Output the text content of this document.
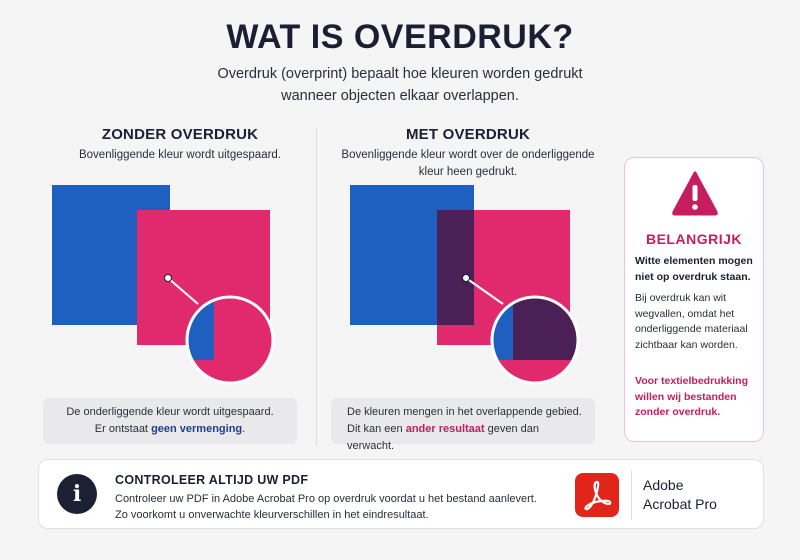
WAT IS OVERDRUK?
Overdruk (overprint) bepaalt hoe kleuren worden gedrukt
wanneer objecten elkaar overlappen.
ZONDER OVERDRUK
Bovenliggende kleur wordt uitgespaard.
De onderliggende kleur wordt uitgespaard.
Er ontstaat geen vermenging.
MET OVERDRUK
Bovenliggende kleur wordt over de onderliggende
kleur heen gedrukt.
De kleuren mengen in het overlappende gebied.
Dit kan een ander resultaat geven dan verwacht.
BELANGRIJK
Witte elementen mogen niet op overdruk staan.
Bij overdruk kan wit wegvallen, omdat het onderliggende materiaal zichtbaar kan worden.
Voor textielbedrukking willen wij bestanden zonder overdruk.
i
CONTROLEER ALTIJD UW PDF
Controleer uw PDF in Adobe Acrobat Pro op overdruk voordat u het bestand aanlevert.
Zo voorkomt u onverwachte kleurverschillen in het eindresultaat.
Adobe
Acrobat Pro
